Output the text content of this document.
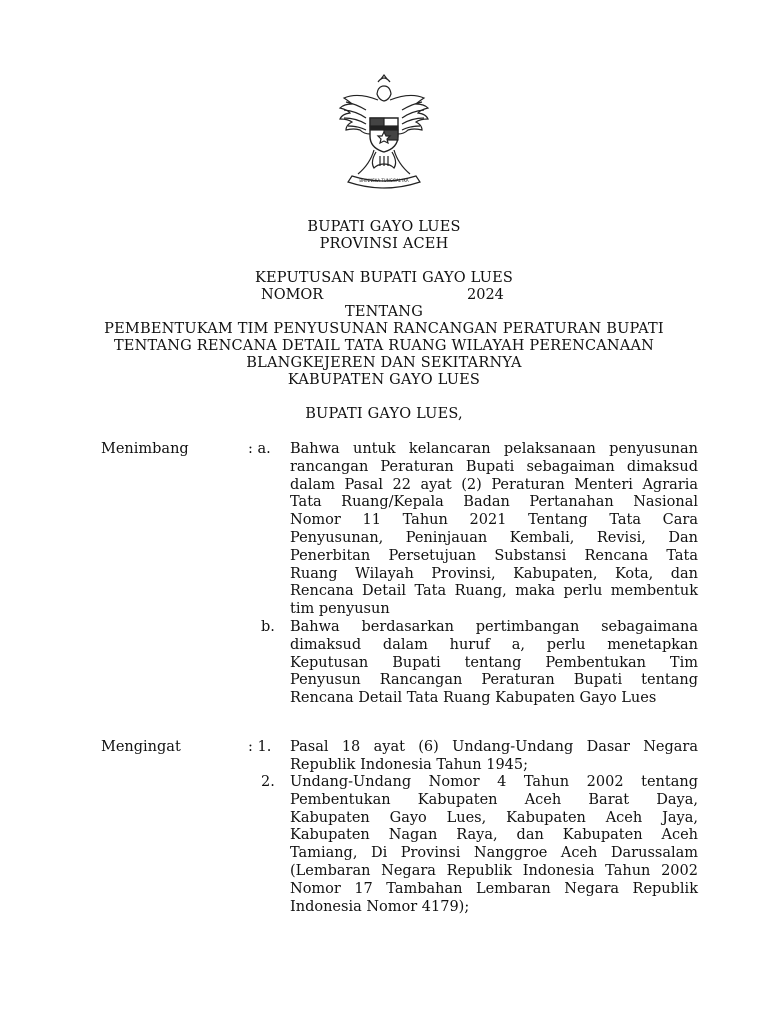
BHINNEKA TUNGGAL IKA
BUPATI GAYO LUES
PROVINSI ACEH
KEPUTUSAN BUPATI GAYO LUES
NOMOR	2024
TENTANG
PEMBENTUKAM TIM PENYUSUNAN RANCANGAN PERATURAN BUPATI
TENTANG RENCANA DETAIL TATA RUANG WILAYAH PERENCANAAN
BLANGKEJEREN DAN SEKITARNYA
KABUPATEN GAYO LUES
BUPATI GAYO LUES,
Menimbang	: a. Bahwa untuk kelancaran pelaksanaan penyusunan
rancangan Peraturan Bupati sebagaiman dimaksud
dalam Pasal 22 ayat (2) Peraturan Menteri Agraria
Tata Ruang/Kepala Badan Pertanahan Nasional
Nomor 11 Tahun 2021 Tentang Tata Cara
Penyusunan, Peninjauan Kembali, Revisi, Dan
Penerbitan Persetujuan Substansi Rencana Tata
Ruang Wilayah Provinsi, Kabupaten, Kota, dan
Rencana Detail Tata Ruang, maka perlu membentuk
tim penyusun
b. Bahwa berdasarkan pertimbangan sebagaimana
dimaksud dalam huruf a, perlu menetapkan
Keputusan Bupati tentang Pembentukan Tim
Penyusun Rancangan Peraturan Bupati tentang
Rencana Detail Tata Ruang Kabupaten Gayo Lues
Mengingat	: 1. Pasal 18 ayat (6) Undang-Undang Dasar Negara
Republik Indonesia Tahun 1945;
2. Undang-Undang Nomor 4 Tahun 2002 tentang
Pembentukan Kabupaten Aceh Barat Daya,
Kabupaten Gayo Lues, Kabupaten Aceh Jaya,
Kabupaten Nagan Raya, dan Kabupaten Aceh
Tamiang, Di Provinsi Nanggroe Aceh Darussalam
(Lembaran Negara Republik Indonesia Tahun 2002
Nomor 17 Tambahan Lembaran Negara Republik
Indonesia Nomor 4179);
